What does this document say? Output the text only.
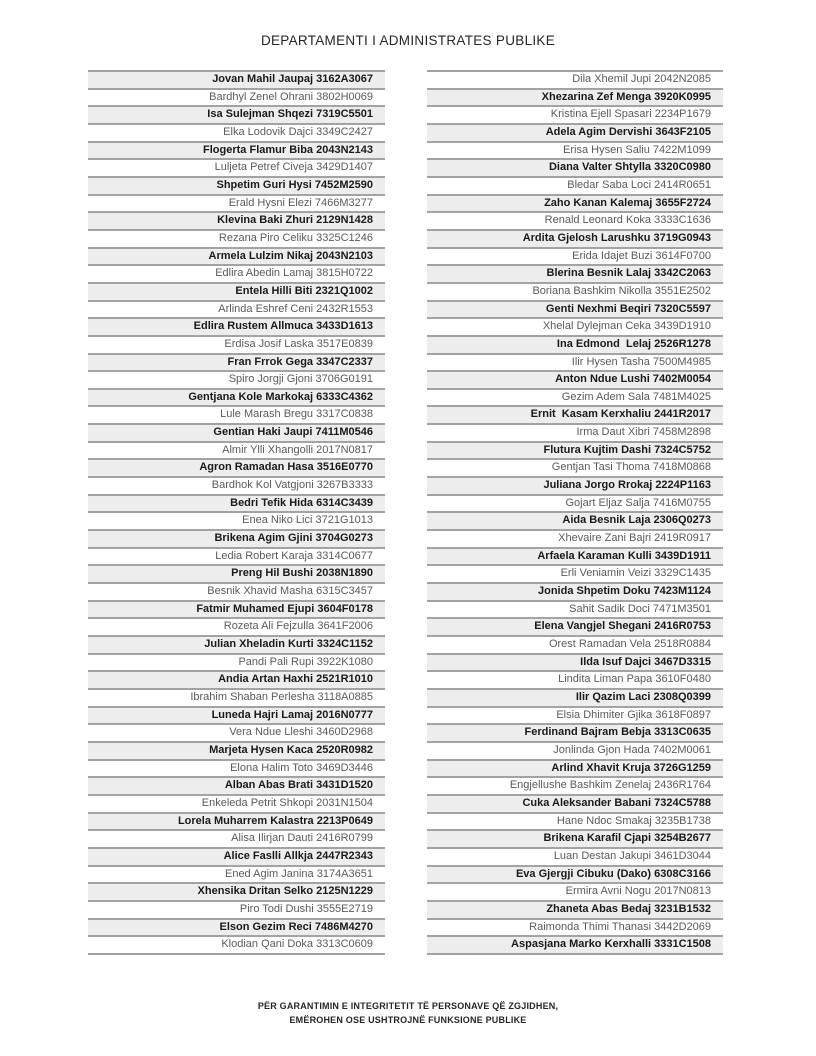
DEPARTAMENTI I ADMINISTRATES PUBLIKE
Jovan Mahil Jaupaj 3162A3067
Bardhyl Zenel Ohrani 3802H0069
Isa Sulejman Shqezi 7319C5501
Elka Lodovik Dajci 3349C2427
Flogerta Flamur Biba 2043N2143
Luljeta Petref Civeja 3429D1407
Shpetim Guri Hysi 7452M2590
Erald Hysni Elezi 7466M3277
Klevina Baki Zhuri 2129N1428
Rezana Piro Celiku 3325C1246
Armela Lulzim Nikaj 2043N2103
Edlira Abedin Lamaj 3815H0722
Entela Hilli Biti 2321Q1002
Arlinda Eshref Ceni 2432R1553
Edlira Rustem Allmuca 3433D1613
Erdisa Josif Laska 3517E0839
Fran Frrok Gega 3347C2337
Spiro Jorgji Gjoni 3706G0191
Gentjana Kole Markokaj 6333C4362
Lule Marash Bregu 3317C0838
Gentian Haki Jaupi 7411M0546
Almir Ylli Xhangolli 2017N0817
Agron Ramadan Hasa 3516E0770
Bardhok Kol Vatgjoni 3267B3333
Bedri Tefik Hida 6314C3439
Enea Niko Lici 3721G1013
Brikena Agim Gjini 3704G0273
Ledia Robert Karaja 3314C0677
Preng Hil Bushi 2038N1890
Besnik Xhavid Masha 6315C3457
Fatmir Muhamed Ejupi 3604F0178
Rozeta Ali Fejzulla 3641F2006
Julian Xheladin Kurti 3324C1152
Pandi Pali Rupi 3922K1080
Andia Artan Haxhi 2521R1010
Ibrahim Shaban Perlesha 3118A0885
Luneda Hajri Lamaj 2016N0777
Vera Ndue Lleshi 3460D2968
Marjeta Hysen Kaca 2520R0982
Elona Halim Toto 3469D3446
Alban Abas Brati 3431D1520
Enkeleda Petrit Shkopi 2031N1504
Lorela Muharrem Kalastra 2213P0649
Alisa Ilirjan Dauti 2416R0799
Alice Faslli Allkja 2447R2343
Ened Agim Janina 3174A3651
Xhensika Dritan Selko 2125N1229
Piro Todi Dushi 3555E2719
Elson Gezim Reci 7486M4270
Klodian Qani Doka 3313C0609
Dila Xhemil Jupi 2042N2085
Xhezarina Zef Menga 3920K0995
Kristina Ejell Spasari 2234P1679
Adela Agim Dervishi 3643F2105
Erisa Hysen Saliu 7422M1099
Diana Valter Shtylla 3320C0980
Bledar Saba Loci 2414R0651
Zaho Kanan Kalemaj 3655F2724
Renald Leonard Koka 3333C1636
Ardita Gjelosh Larushku 3719G0943
Erida Idajet Buzi 3614F0700
Blerina Besnik Lalaj 3342C2063
Boriana Bashkim Nikolla 3551E2502
Genti Nexhmi Beqiri 7320C5597
Xhelal Dylejman Ceka 3439D1910
Ina Edmond  Lelaj 2526R1278
Ilir Hysen Tasha 7500M4985
Anton Ndue Lushi 7402M0054
Gezim Adem Sala 7481M4025
Ernit  Kasam Kerxhaliu 2441R2017
Irma Daut Xibri 7458M2898
Flutura Kujtim Dashi 7324C5752
Gentjan Tasi Thoma 7418M0868
Juliana Jorgo Rrokaj 2224P1163
Gojart Eljaz Salja 7416M0755
Aida Besnik Laja 2306Q0273
Xhevaire Zani Bajri 2419R0917
Arfaela Karaman Kulli 3439D1911
Erli Veniamin Veizi 3329C1435
Jonida Shpetim Doku 7423M1124
Sahit Sadik Doci 7471M3501
Elena Vangjel Shegani 2416R0753
Orest Ramadan Vela 2518R0884
Ilda Isuf Dajci 3467D3315
Lindita Liman Papa 3610F0480
Ilir Qazim Laci 2308Q0399
Elsia Dhimiter Gjika 3618F0897
Ferdinand Bajram Bebja 3313C0635
Jonlinda Gjon Hada 7402M0061
Arlind Xhavit Kruja 3726G1259
Engjellushe Bashkim Zenelaj 2436R1764
Cuka Aleksander Babani 7324C5788
Hane Ndoc Smakaj 3235B1738
Brikena Karafil Cjapi 3254B2677
Luan Destan Jakupi 3461D3044
Eva Gjergji Cibuku (Dako) 6308C3166
Ermira Avni Nogu 2017N0813
Zhaneta Abas Bedaj 3231B1532
Raimonda Thimi Thanasi 3442D2069
Aspasjana Marko Kerxhalli 3331C1508
PËR GARANTIMIN E INTEGRITETIT TË PERSONAVE QË ZGJIDHEN,
EMËROHEN OSE USHTROJNË FUNKSIONE PUBLIKE
